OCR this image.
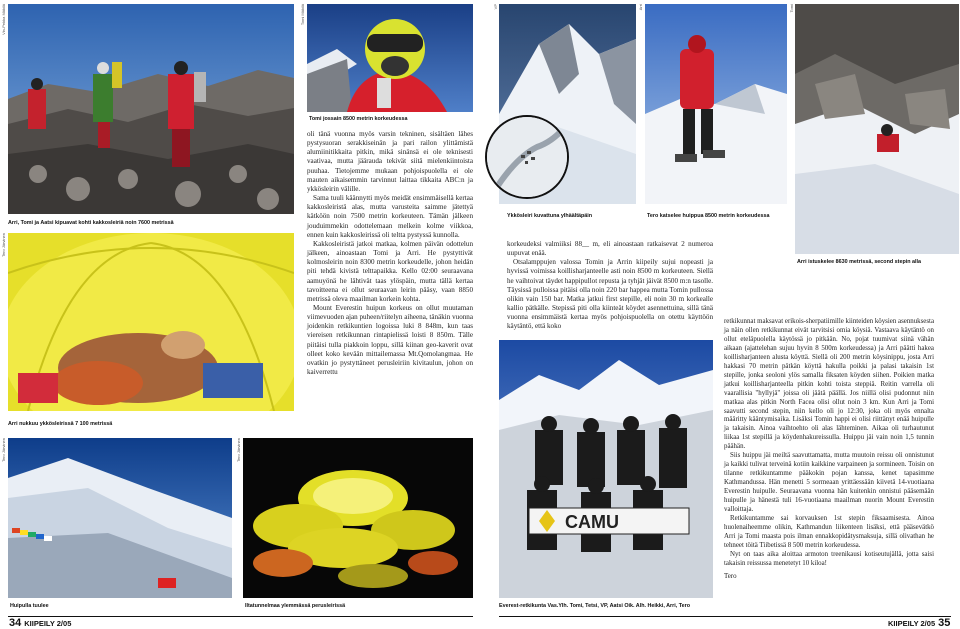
Vin-Pekka Mäkilä
Arri, Tomi ja Aatsi kipuavat kohti kakkosleiriä noin 7600 metrissä
Tomi Mäkilä
Tomi jossain 8500 metrin korkeudessa
Tero Järvinen
Arri nukkuu ykkösleirissä 7 100 metrissä
Tero Järvinen
Huipulla tuulee
Tero Järvinen
Iltatunnelmaa ylemmässä perusleirissä

oli tänä vuonna myös varsin tekninen, sisältäen lähes pystysuoran serakkiseinän ja pari railon ylittämistä alumiinitikkaita pitkin, mikä sinänsä ei ole teknisesti vaativaa, mutta jäärauda tekivät siitä mielenkiintoista puuhaa. Tietojemme mukaan pohjoispuolella ei ole mauten aikaisemmin tarvinnut laittaa tikkaita ABC:n ja ykkösleirin välille.

Sama tuuli käännytti myös meidät ensimmäisellä kertaa kakkosleiristä alas, mutta varusteita saimme jätettyä kätköön noin 7500 metrin korkeuteen. Tämän jälkeen jouduimmekin odottelemaan melkein kolme viikkoa, ennen kuin kakkosleirissä oli teltta pystyssä kunnolla.

Kakkosleiristä jatkoi matkaa, kolmen päivän odottelun jälkeen, ainoastaan Tomi ja Arri. He pystyttivät kolmosleirin noin 8300 metrin korkeudelle, johon heidän piti tehdä kivistä telttapaikka. Kello 02:00 seuraavana aamuyönä he lähtivät taas ylöspäin, mutta tällä kertaa tavoitteena ei ollut seuraavan leirin pääsy, vaan 8850 metrissä oleva maailman korkein kohta.

Mount Everestin huipun korkeus on ollut muutaman viimevuoden ajan puheen/riitelyn aiheena, tänäkin vuonna joidenkin retkikuntien logoissa luki 8 848m, kun taas viereisen retkikunnan rintapielissä loisti 8 850m. Tälle piitäisi tulla piakkoin loppu, sillä kiinan geo-kaverit ovat olleet koko kevään mittailemassa Mt.Qomolangmaa. He ovatkin jo pystyttäneet perusleiriin kivitaulun, johon on kaiverrettu

VP
Ykkösleiri kuvattuna ylhäältäpäin
Arri
Tero katselee huippua 8500 metrin korkeudessa
Tomi
Arri istuskelee 8630 metrissä, second stepin alla
CAMU
Everest-retkikunta Vas.Ylh. Tomi, Tetsi, VP, Aatsi Oik. Alh. Heikki, Arri, Tero

korkeudeksi valmiiksi 88__ m, eli ainoastaan ratkaisevat 2 numeroa uupuvat enää.

Otsalamppujen valossa Tomin ja Arrin kiipeily sujui nopeasti ja hyvissä voimissa koillisharjanteelle asti noin 8500 m korkeuteen. Siellä he vaihtoivat täydet happipullot repusta ja tyhjät jäivät 8500 m:n tasolle. Täysissä pulloissa pitäisi olla noin 220 bar happea mutta Tomin pullossa olikin vain 150 bar. Matka jatkui first stepille, eli noin 30 m korkealle kallio pätkälle. Stepissä piti olla kiinteät köydet asennettuina, sillä tänä vuonna ensimmäistä kertaa myös pohjoispuolella on otettu käyttöön käytäntö, että koko

retkikunnat maksavat erikois-sherpatiimille kiinteiden köysien asennuksesta ja näin ollen retkikunnat eivät tarvitsisi omia köysiä. Vastaava käytäntö on ollut eteläpuolella käytössä jo pitkään. No, pojat tuumivat siinä vähän aikaan (ajattelehan sujuu hyvin 8 500m korkeudessa) ja Arri päätti hakea koillisharjanteen alusta köyttä. Siellä oli 200 metrin köysinippu, josta Arri hakkasi 70 metrin pätkän köyttä hakulla poikki ja palasi takaisin 1st stepille, jonka seoloni ylös samalla fiksaten köyden siihen. Poikien matka jatkui koillisharjanteella pitkin kohti toista steppiä. Reitin varrella oli vaarallisia "hyllyjä" joissa oli jäätä päällä. Jos niillä olisi pudonnut niin matkaa alas pitkin North Facea olisi ollut noin 3 km. Kun Arri ja Tomi saavutti second stepin, niin kello oli jo 12:30, joka oli myös ennalta määritty kääntymisaika. Lisäksi Tomin happi ei olisi riittänyt enää huipulle ja takaisin. Ainoa vaihtoehto oli alas lähteminen. Aikaa oli turhautunut liikaa 1st stepillä ja köydenhakureissulla. Huippu jäi vain noin 1,5 tunnin päähän.

Siis huippu jäi meiltä saavuttamatta, mutta muutoin reissu oli onnistunut ja kaikki tulivat terveinä kotiin kaikkine varpaineen ja sormineen. Toisin on tilanne retkikuntamme pääkokin pojan kanssa, kenet tapasimme Kathmandussa. Hän menetti 5 sormeaan yrittäessään kiivetä 14-vuotiaana Everestin huipulle. Seuraavana vuonna hän kuitenkin onnistui pääsemään huipulle ja hänestä tuli 16-vuotiaana maailman nuorin Mount Everestin valloittaja.

Retkikuntamme sai korvauksen 1st stepin fiksaamisesta. Ainoa huolenaiheemme olikin, Kathmandun liikenteen lisäksi, että pääsevätkö Arri ja Tomi maasta pois ilman ennakkopidätysmaksuja, sillä olivathan he tehneet töitä Tiibetissä 8 500 metrin korkeudessa.

Nyt on taas aika aloittaa armoton treenikausi kotiseutujällä, jotta saisi takaisin reissussa menetetyt 10 kiloa!

Tero

34 KIIPEILY 2/05	KIIPEILY 2/05 35
